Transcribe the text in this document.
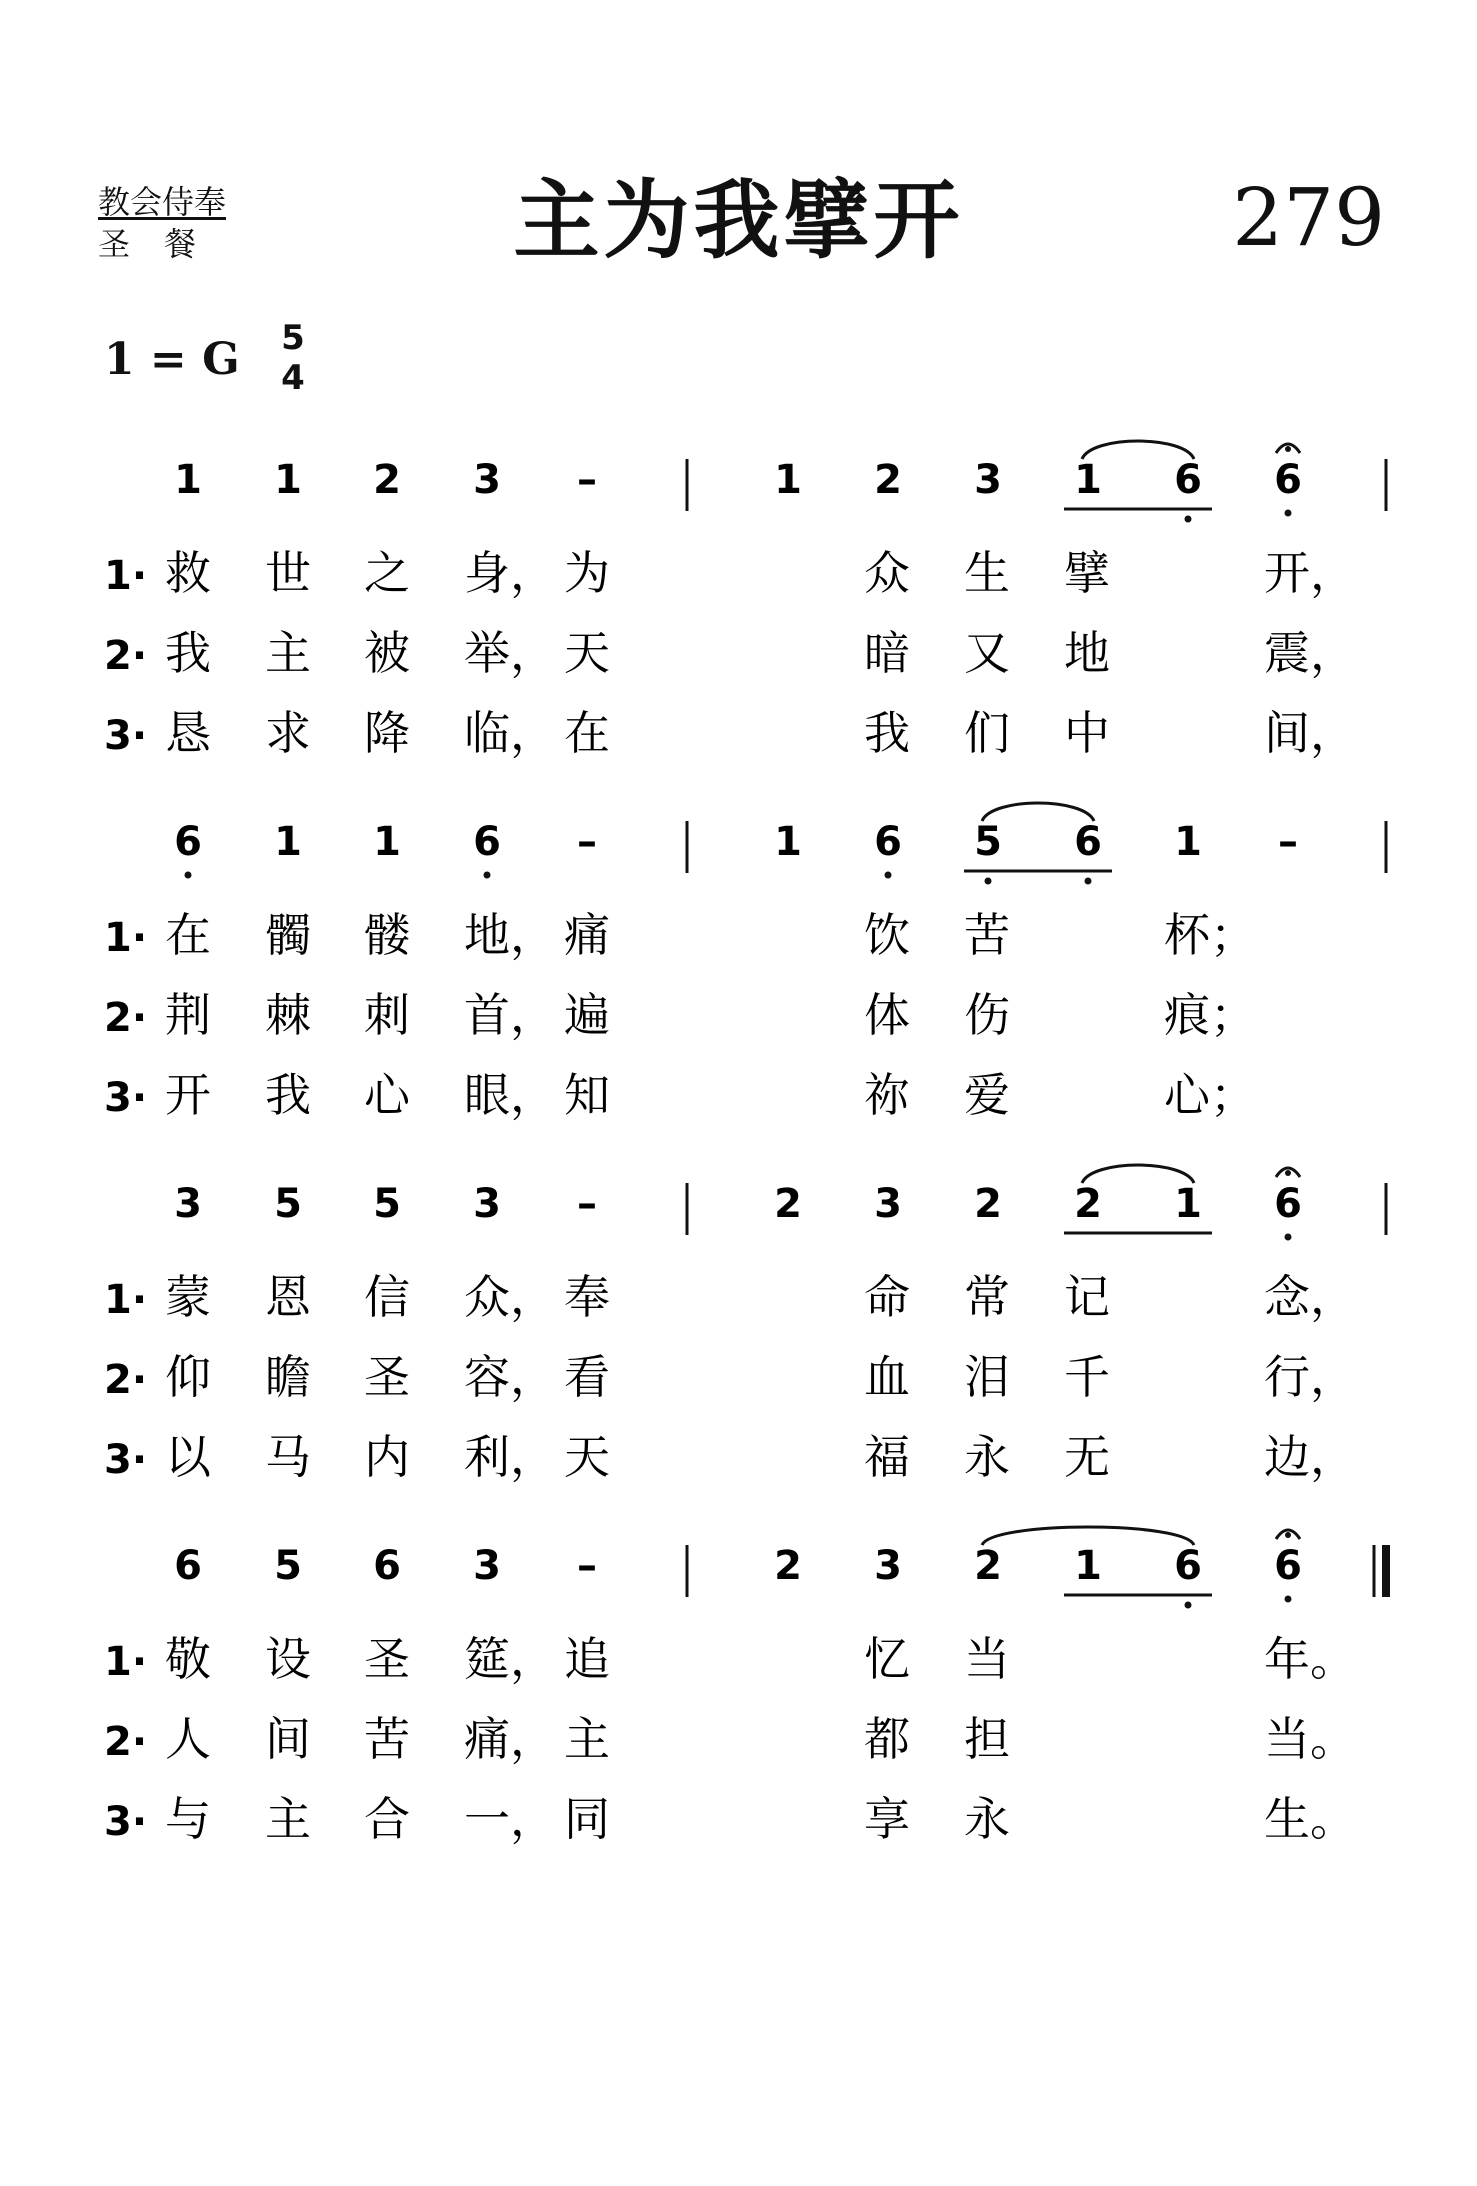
教会侍奉
圣餐	主为我擘开	279
1 = G 5
4
1 1 2 3 –	1 2 3 1 6 6
1· 救 世 之 身， 为	众 生 擘	开，
2· 我 主 被 举， 天	暗 又 地	震，
3· 恳 求 降 临， 在	我 们 中	间，
6 1 1 6 –	1 6 5 6 1 –
1· 在 髑 髅 地， 痛	饮 苦	杯；
2· 荆 棘 刺 首， 遍	体 伤	痕；
3· 开 我 心 眼， 知	祢 爱	心；
3 5 5 3 –	2 3 2 2 1 6
1· 蒙 恩 信 众， 奉	命 常 记	念，
2· 仰 瞻 圣 容， 看	血 泪 千	行，
3· 以 马 内 利， 天	福 永 无	边，
6 5 6 3 –	2 3 2 1 6 6
1· 敬 设 圣 筵， 追	忆 当	年。
2· 人 间 苦 痛， 主	都 担	当。
3· 与 主 合 一， 同	享 永	生。
